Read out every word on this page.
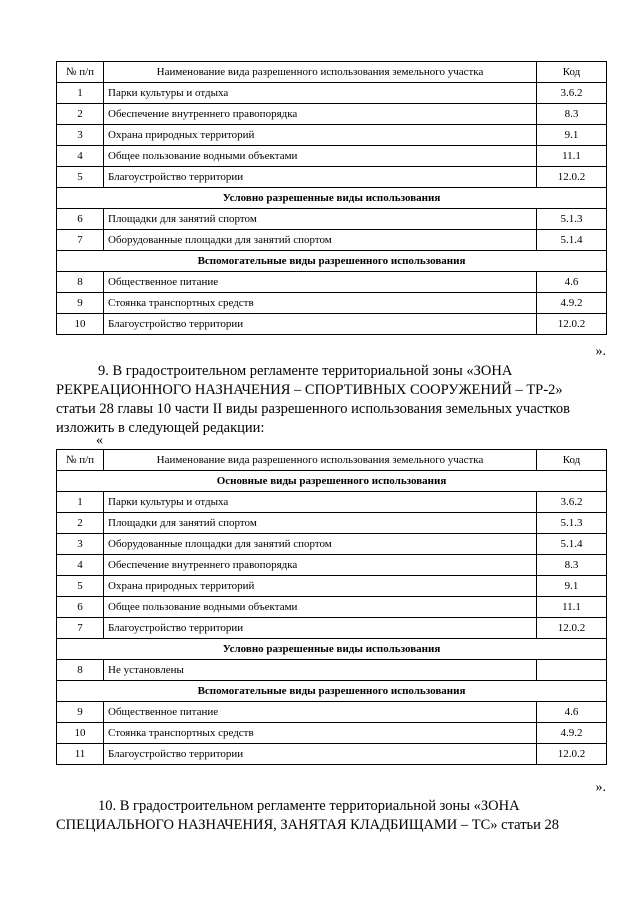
№ п/п	Наименование вида разрешенного использования земельного участка	Код
1	Парки культуры и отдыха	3.6.2
2	Обеспечение внутреннего правопорядка	8.3
3	Охрана природных территорий	9.1
4	Общее пользование водными объектами	11.1
5	Благоустройство территории	12.0.2
Условно разрешенные виды использования		
6	Площадки для занятий спортом	5.1.3
7	Оборудованные площадки для занятий спортом	5.1.4
Вспомогательные виды разрешенного использования		
8	Общественное питание	4.6
9	Стоянка транспортных средств	4.9.2
10	Благоустройство территории	12.0.2
».

9. В градостроительном регламенте территориальной зоны «ЗОНА

РЕКРЕАЦИОННОГО НАЗНАЧЕНИЯ – СПОРТИВНЫХ СООРУЖЕНИЙ – ТР-2»

статьи 28 главы 10 части II виды разрешенного использования земельных участков

изложить в следующей редакции:

«
№ п/п	Наименование вида разрешенного использования земельного участка	Код
Основные виды разрешенного использования		
1	Парки культуры и отдыха	3.6.2
2	Площадки для занятий спортом	5.1.3
3	Оборудованные площадки для занятий спортом	5.1.4
4	Обеспечение внутреннего правопорядка	8.3
5	Охрана природных территорий	9.1
6	Общее пользование водными объектами	11.1
7	Благоустройство территории	12.0.2
Условно разрешенные виды использования		
8	Не установлены	
Вспомогательные виды разрешенного использования		
9	Общественное питание	4.6
10	Стоянка транспортных средств	4.9.2
11	Благоустройство территории	12.0.2
».

10. В градостроительном регламенте территориальной зоны «ЗОНА

СПЕЦИАЛЬНОГО НАЗНАЧЕНИЯ, ЗАНЯТАЯ КЛАДБИЩАМИ – ТС» статьи 28
